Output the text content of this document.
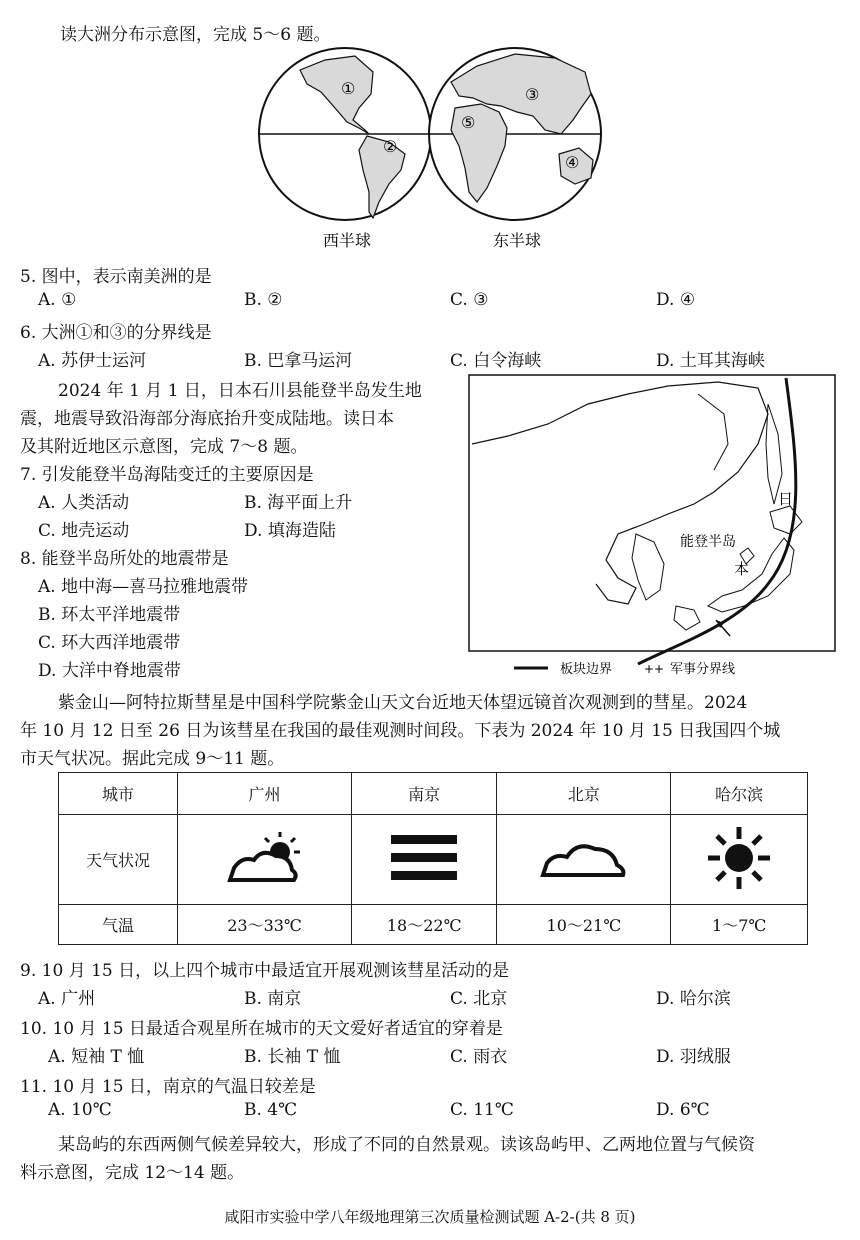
读大洲分布示意图，完成 5～6 题。
①
②
③
④
⑤
西半球	东半球
5. 图中，表示南美洲的是
A. ①	B. ②	C. ③	D. ④
6. 大洲①和③的分界线是
A. 苏伊士运河	B. 巴拿马运河	C. 白令海峡	D. 土耳其海峡
2024 年 1 月 1 日，日本石川县能登半岛发生地
震，地震导致沿海部分海底抬升变成陆地。读日本
及其附近地区示意图，完成 7～8 题。
7. 引发能登半岛海陆变迁的主要原因是
A. 人类活动	B. 海平面上升
C. 地壳运动	D. 填海造陆
8. 能登半岛所处的地震带是
A. 地中海—喜马拉雅地震带
B. 环太平洋地震带
C. 环大西洋地震带
D. 大洋中脊地震带
能登半岛
日
本
板块边界	++ 军事分界线
紫金山—阿特拉斯彗星是中国科学院紫金山天文台近地天体望远镜首次观测到的彗星。2024
年 10 月 12 日至 26 日为该彗星在我国的最佳观测时间段。下表为 2024 年 10 月 15 日我国四个城
市天气状况。据此完成 9～11 题。
城市	广州	南京	北京	哈尔滨
天气状况				
气温	23～33℃	18～22℃	10～21℃	1～7℃
9. 10 月 15 日，以上四个城市中最适宜开展观测该彗星活动的是
A. 广州	B. 南京	C. 北京	D. 哈尔滨
10. 10 月 15 日最适合观星所在城市的天文爱好者适宜的穿着是
A. 短袖 T 恤	B. 长袖 T 恤	C. 雨衣	D. 羽绒服
11. 10 月 15 日，南京的气温日较差是
A. 10℃	B. 4℃	C. 11℃	D. 6℃
某岛屿的东西两侧气候差异较大，形成了不同的自然景观。读该岛屿甲、乙两地位置与气候资
料示意图，完成 12～14 题。
咸阳市实验中学八年级地理第三次质量检测试题 A-2-(共 8 页)
